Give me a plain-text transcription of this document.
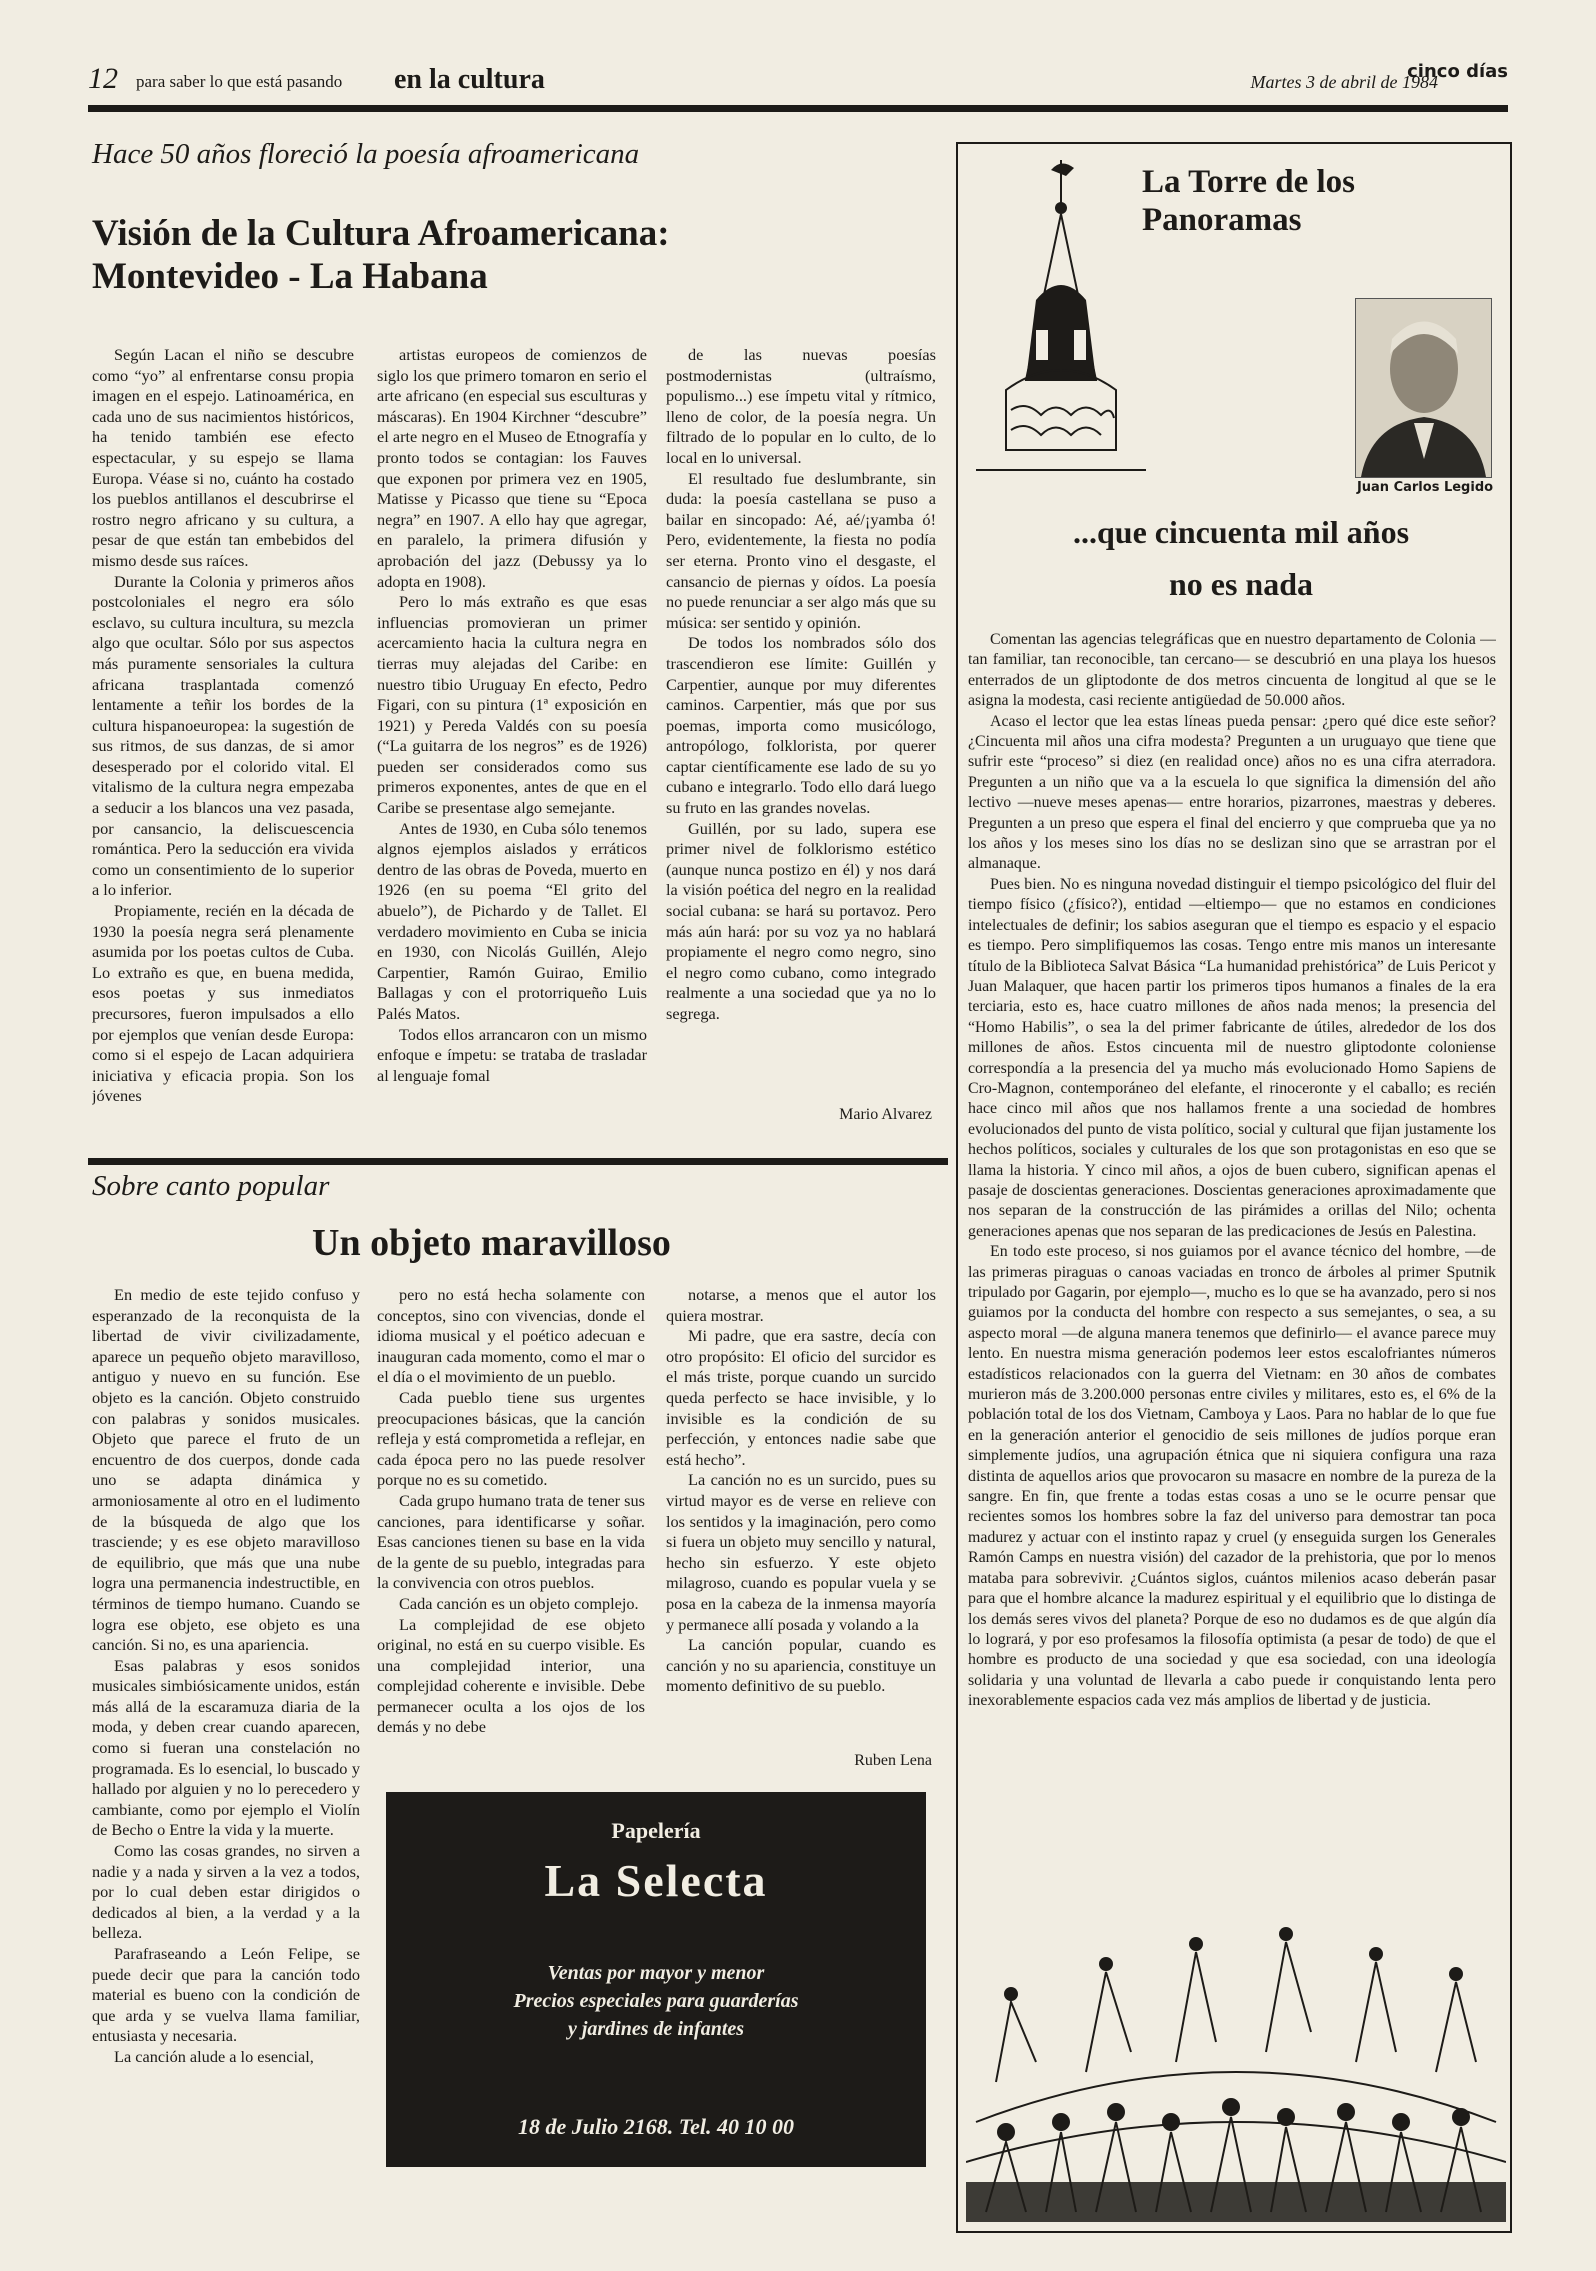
12 para saber lo que está pasando en la cultura	Martes 3 de abril de 1984
cinco días
Hace 50 años floreció la poesía afroamericana
Visión de la Cultura Afroamericana:
Montevideo - La Habana

Según Lacan el niño se descubre como “yo” al enfrentarse consu propia imagen en el espejo. Latinoamérica, en cada uno de sus nacimientos históricos, ha tenido también ese efecto espectacular, y su espejo se llama Europa. Véase si no, cuánto ha costado los pueblos antillanos el descubrirse el rostro negro africano y su cultura, a pesar de que están tan embebidos del mismo desde sus raíces.

Durante la Colonia y primeros años postcoloniales el negro era sólo esclavo, su cultura incultura, su mezcla algo que ocultar. Sólo por sus aspectos más puramente sensoriales la cultura africana trasplantada comenzó lentamente a teñir los bordes de la cultura hispanoeuropea: la sugestión de sus ritmos, de sus danzas, de si amor desesperado por el colorido vital. El vitalismo de la cultura negra empezaba a seducir a los blancos una vez pasada, por cansancio, la deliscuescencia romántica. Pero la seducción era vivida como un consentimiento de lo superior a lo inferior.

Propiamente, recién en la década de 1930 la poesía negra será plenamente asumida por los poetas cultos de Cuba. Lo extraño es que, en buena medida, esos poetas y sus inmediatos precursores, fueron impulsados a ello por ejemplos que venían desde Europa: como si el espejo de Lacan adquiriera iniciativa y eficacia propia. Son los jóvenes

artistas europeos de comienzos de siglo los que primero tomaron en serio el arte africano (en especial sus esculturas y máscaras). En 1904 Kirchner “descubre” el arte negro en el Museo de Etnografía y pronto todos se contagian: los Fauves que exponen por primera vez en 1905, Matisse y Picasso que tiene su “Epoca negra” en 1907. A ello hay que agregar, en paralelo, la primera difusión y aprobación del jazz (Debussy ya lo adopta en 1908).

Pero lo más extraño es que esas influencias promovieran un primer acercamiento hacia la cultura negra en tierras muy alejadas del Caribe: en nuestro tibio Uruguay En efecto, Pedro Figari, con su pintura (1ª exposición en 1921) y Pereda Valdés con su poesía (“La guitarra de los negros” es de 1926) pueden ser considerados como sus primeros exponentes, antes de que en el Caribe se presentase algo semejante.

Antes de 1930, en Cuba sólo tenemos algnos ejemplos aislados y erráticos dentro de las obras de Poveda, muerto en 1926 (en su poema “El grito del abuelo”), de Pichardo y de Tallet. El verdadero movimiento en Cuba se inicia en 1930, con Nicolás Guillén, Alejo Carpentier, Ramón Guirao, Emilio Ballagas y con el protorriqueño Luis Palés Matos.

Todos ellos arrancaron con un mismo enfoque e ímpetu: se trataba de trasladar al lenguaje fomal

de las nuevas poesías postmodernistas (ultraísmo, populismo...) ese ímpetu vital y rítmico, lleno de color, de la poesía negra. Un filtrado de lo popular en lo culto, de lo local en lo universal.

El resultado fue deslumbrante, sin duda: la poesía castellana se puso a bailar en sincopado: Aé, aé/¡yamba ó! Pero, evidentemente, la fiesta no podía ser eterna. Pronto vino el desgaste, el cansancio de piernas y oídos. La poesía no puede renunciar a ser algo más que su música: ser sentido y opinión.

De todos los nombrados sólo dos trascendieron ese límite: Guillén y Carpentier, aunque por muy diferentes caminos. Carpentier, más que por sus poemas, importa como musicólogo, antropólogo, folklorista, por querer captar científicamente ese lado de su yo cubano e integrarlo. Todo ello dará luego su fruto en las grandes novelas.

Guillén, por su lado, supera ese primer nivel de folklorismo estético (aunque nunca postizo en él) y nos dará la visión poética del negro en la realidad social cubana: se hará su portavoz. Pero más aún hará: por su voz ya no hablará propiamente el negro como negro, sino el negro como cubano, como integrado realmente a una sociedad que ya no lo segrega.

Mario Alvarez
Sobre canto popular
Un objeto maravilloso

En medio de este tejido confuso y esperanzado de la reconquista de la libertad de vivir civilizadamente, aparece un pequeño objeto maravilloso, antiguo y nuevo en su función. Ese objeto es la canción. Objeto construido con palabras y sonidos musicales. Objeto que parece el fruto de un encuentro de dos cuerpos, donde cada uno se adapta dinámica y armoniosamente al otro en el ludimento de la búsqueda de algo que los trasciende; y es ese objeto maravilloso de equilibrio, que más que una nube logra una permanencia indestructible, en términos de tiempo humano. Cuando se logra ese objeto, ese objeto es una canción. Si no, es una apariencia.

Esas palabras y esos sonidos musicales simbiósicamente unidos, están más allá de la escaramuza diaria de la moda, y deben crear cuando aparecen, como si fueran una constelación no programada. Es lo esencial, lo buscado y hallado por alguien y no lo perecedero y cambiante, como por ejemplo el Violín de Becho o Entre la vida y la muerte.

Como las cosas grandes, no sirven a nadie y a nada y sirven a la vez a todos, por lo cual deben estar dirigidos o dedicados al bien, a la verdad y a la belleza.

Parafraseando a León Felipe, se puede decir que para la canción todo material es bueno con la condición de que arda y se vuelva llama familiar, entusiasta y necesaria.

La canción alude a lo esencial,

pero no está hecha solamente con conceptos, sino con vivencias, donde el idioma musical y el poético adecuan e inauguran cada momento, como el mar o el día o el movimiento de un pueblo.

Cada pueblo tiene sus urgentes preocupaciones básicas, que la canción refleja y está comprometida a reflejar, en cada época pero no las puede resolver porque no es su cometido.

Cada grupo humano trata de tener sus canciones, para identificarse y soñar. Esas canciones tienen su base en la vida de la gente de su pueblo, integradas para la convivencia con otros pueblos.

Cada canción es un objeto complejo.

La complejidad de ese objeto original, no está en su cuerpo visible. Es una complejidad interior, una complejidad coherente e invisible. Debe permanecer oculta a los ojos de los demás y no debe

notarse, a menos que el autor los quiera mostrar.

Mi padre, que era sastre, decía con otro propósito: El oficio del surcidor es el más triste, porque cuando un surcido queda perfecto se hace invisible, y lo invisible es la condición de su perfección, y entonces nadie sabe que está hecho”.

La canción no es un surcido, pues su virtud mayor es de verse en relieve con los sentidos y la imaginación, pero como si fuera un objeto muy sencillo y natural, hecho sin esfuerzo. Y este objeto milagroso, cuando es popular vuela y se posa en la cabeza de la inmensa mayoría y permanece allí posada y volando a la

La canción popular, cuando es canción y no su apariencia, constituye un momento definitivo de su pueblo.

Ruben Lena
Papelería
La Selecta
Ventas por mayor y menor
Precios especiales para guarderías
y jardines de infantes
18 de Julio 2168. Tel. 40 10 00
La Torre de los
Panoramas
Juan Carlos Legido
...que cincuenta mil años
no es nada

Comentan las agencias telegráficas que en nuestro departamento de Colonia —tan familiar, tan reconocible, tan cercano— se descubrió en una playa los huesos enterrados de un gliptodonte de dos metros cincuenta de longitud al que se le asigna la modesta, casi reciente antigüedad de 50.000 años.

Acaso el lector que lea estas líneas pueda pensar: ¿pero qué dice este señor? ¿Cincuenta mil años una cifra modesta? Pregunten a un uruguayo que tiene que sufrir este “proceso” si diez (en realidad once) años no es una cifra aterradora. Pregunten a un niño que va a la escuela lo que significa la dimensión del año lectivo —nueve meses apenas— entre horarios, pizarrones, maestras y deberes. Pregunten a un preso que espera el final del encierro y que comprueba que ya no los años y los meses sino los días no se deslizan sino que se arrastran por el almanaque.

Pues bien. No es ninguna novedad distinguir el tiempo psicológico del fluir del tiempo físico (¿físico?), entidad —eltiempo— que no estamos en condiciones intelectuales de definir; los sabios aseguran que el tiempo es espacio y el espacio es tiempo. Pero simplifiquemos las cosas. Tengo entre mis manos un interesante título de la Biblioteca Salvat Básica “La humanidad prehistórica” de Luis Pericot y Juan Malaquer, que hacen partir los primeros tipos humanos a finales de la era terciaria, esto es, hace cuatro millones de años nada menos; la presencia del “Homo Habilis”, o sea la del primer fabricante de útiles, alrededor de los dos millones de años. Estos cincuenta mil de nuestro gliptodonte coloniense correspondía a la presencia del ya mucho más evolucionado Homo Sapiens de Cro-Magnon, contemporáneo del elefante, el rinoceronte y el caballo; es recién hace cinco mil años que nos hallamos frente a una sociedad de hombres evolucionados del punto de vista político, social y cultural que fijan justamente los hechos políticos, sociales y culturales de los que son protagonistas en eso que se llama la historia. Y cinco mil años, a ojos de buen cubero, significan apenas el pasaje de doscientas generaciones. Doscientas generaciones aproximadamente que nos separan de la construcción de las pirámides a orillas del Nilo; ochenta generaciones apenas que nos separan de las predicaciones de Jesús en Palestina.

En todo este proceso, si nos guiamos por el avance técnico del hombre, —de las primeras piraguas o canoas vaciadas en tronco de árboles al primer Sputnik tripulado por Gagarin, por ejemplo—, mucho es lo que se ha avanzado, pero si nos guiamos por la conducta del hombre con respecto a sus semejantes, o sea, a su aspecto moral —de alguna manera tenemos que definirlo— el avance parece muy lento. En nuestra misma generación podemos leer estos escalofriantes números estadísticos relacionados con la guerra del Vietnam: en 30 años de combates murieron más de 3.200.000 personas entre civiles y militares, esto es, el 6% de la población total de los dos Vietnam, Camboya y Laos. Para no hablar de lo que fue en la generación anterior el genocidio de seis millones de judíos porque eran simplemente judíos, una agrupación étnica que ni siquiera configura una raza distinta de aquellos arios que provocaron su masacre en nombre de la pureza de la sangre. En fin, que frente a todas estas cosas a uno se le ocurre pensar que recientes somos los hombres sobre la faz del universo para demostrar tan poca madurez y actuar con el instinto rapaz y cruel (y enseguida surgen los Generales Ramón Camps en nuestra visión) del cazador de la prehistoria, que por lo menos mataba para sobrevivir. ¿Cuántos siglos, cuántos milenios acaso deberán pasar para que el hombre alcance la madurez espiritual y el equilibrio que lo distinga de los demás seres vivos del planeta? Porque de eso no dudamos es de que algún día lo logrará, y por eso profesamos la filosofía optimista (a pesar de todo) de que el hombre es producto de una sociedad y que esa sociedad, con una ideología solidaria y una voluntad de llevarla a cabo puede ir conquistando lenta pero inexorablemente espacios cada vez más amplios de libertad y de justicia.
